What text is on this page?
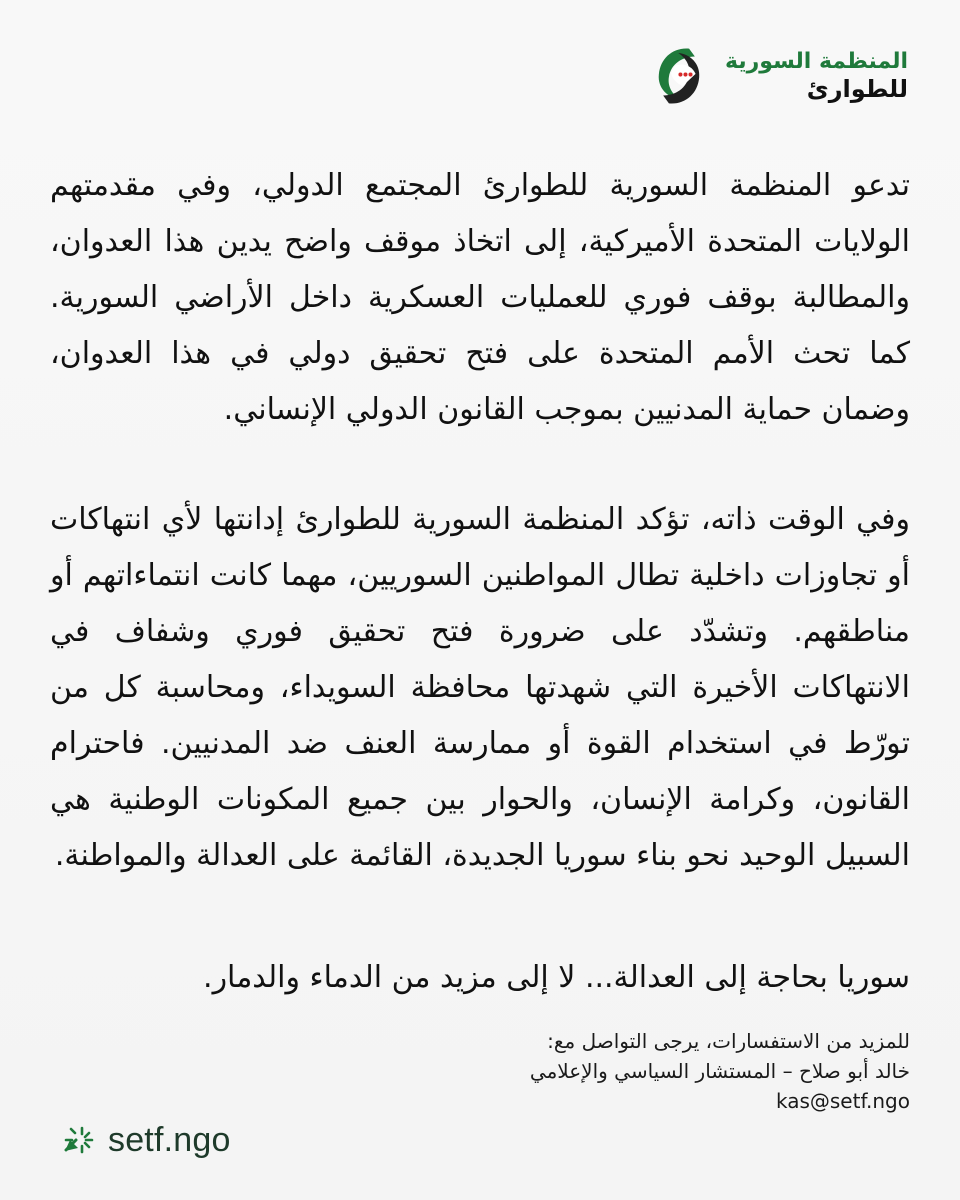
المنظمة السورية
للطوارئ

تدعو المنظمة السورية للطوارئ المجتمع الدولي، وفي مقدمتهم الولايات المتحدة الأميركية، إلى اتخاذ موقف واضح يدين هذا العدوان، والمطالبة بوقف فوري للعمليات العسكرية داخل الأراضي السورية. كما تحث الأمم المتحدة على فتح تحقيق دولي في هذا العدوان، وضمان حماية المدنيين بموجب القانون الدولي الإنساني.

وفي الوقت ذاته، تؤكد المنظمة السورية للطوارئ إدانتها لأي انتهاكات أو تجاوزات داخلية تطال المواطنين السوريين، مهما كانت انتماءاتهم أو مناطقهم. وتشدّد على ضرورة فتح تحقيق فوري وشفاف في الانتهاكات الأخيرة التي شهدتها محافظة السويداء، ومحاسبة كل من تورّط في استخدام القوة أو ممارسة العنف ضد المدنيين. فاحترام القانون، وكرامة الإنسان، والحوار بين جميع المكونات الوطنية هي السبيل الوحيد نحو بناء سوريا الجديدة، القائمة على العدالة والمواطنة.

سوريا بحاجة إلى العدالة... لا إلى مزيد من الدماء والدمار.

للمزيد من الاستفسارات، يرجى التواصل مع:
خالد أبو صلاح – المستشار السياسي والإعلامي
kas@setf.ngo
setf.ngo
